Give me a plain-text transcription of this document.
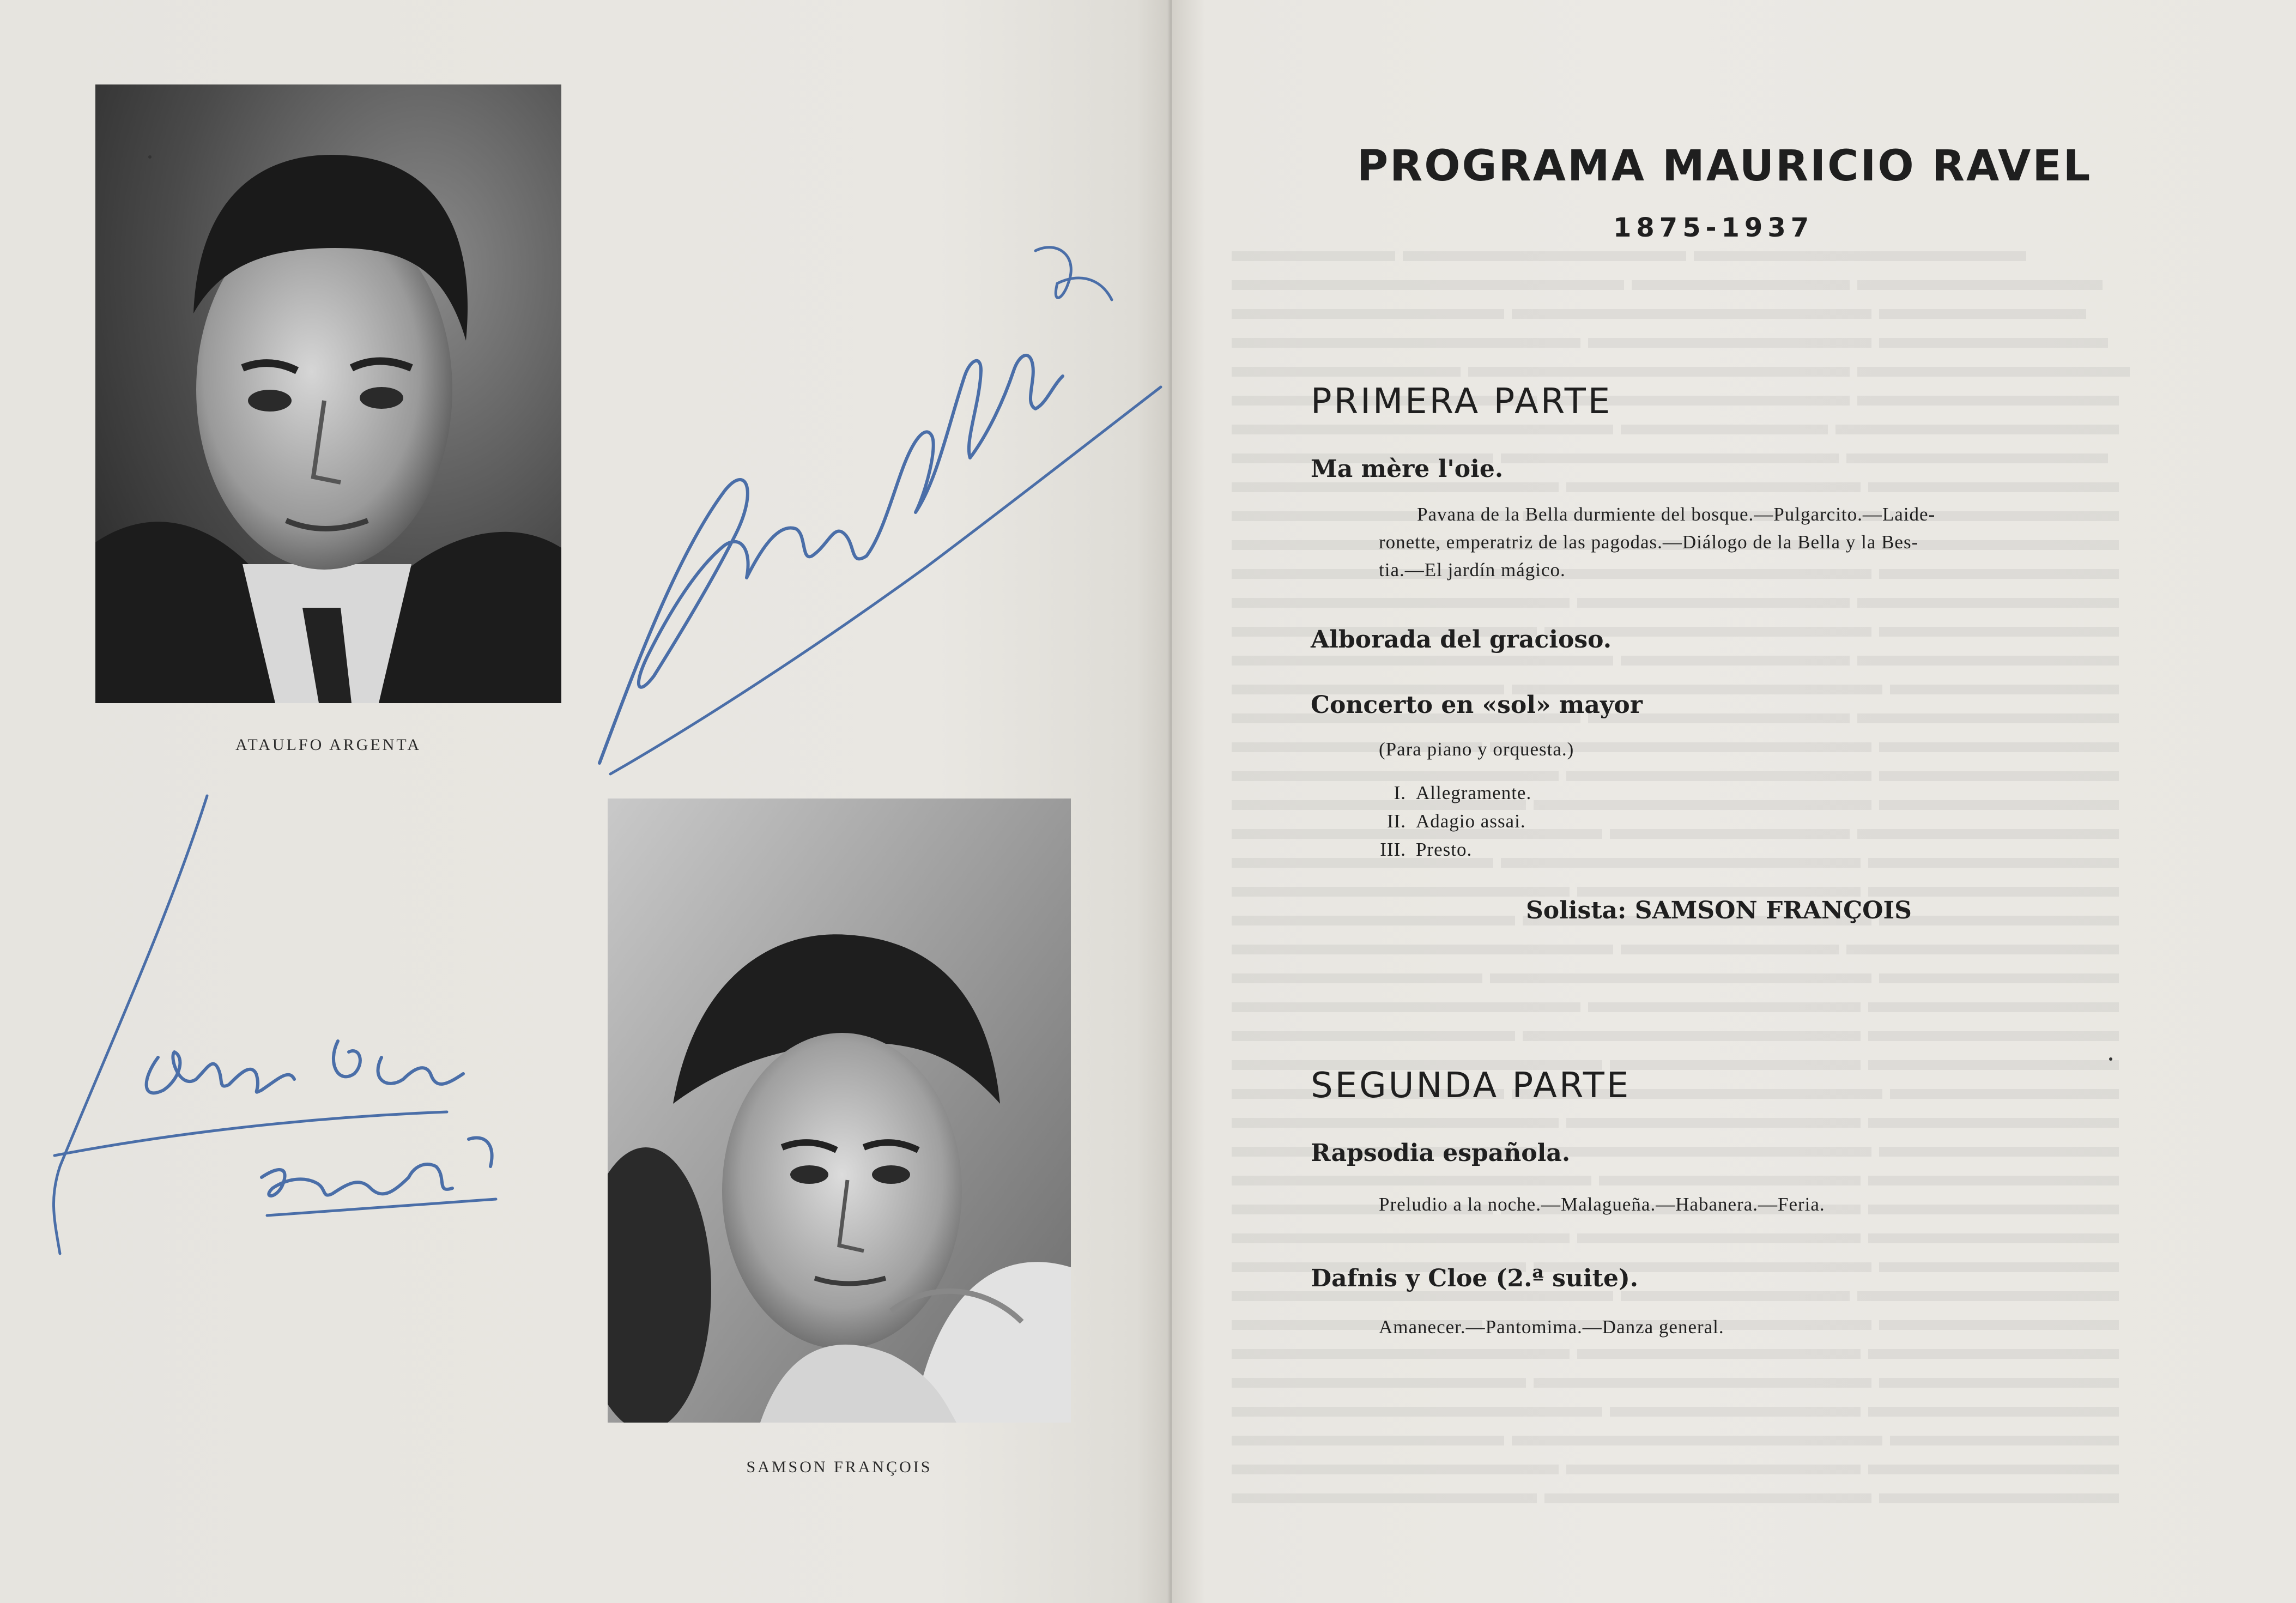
ATAULFO ARGENTA
SAMSON FRANÇOIS
PROGRAMA MAURICIO RAVEL
1875-1937
PRIMERA PARTE
Ma mère l'oie.
Pavana de la Bella durmiente del bosque.—Pulgarcito.—Laide-
ronette, emperatriz de las pagodas.—Diálogo de la Bella y la Bes-
tia.—El jardín mágico.
Alborada del gracioso.
Concerto en «sol» mayor
(Para piano y orquesta.)
I. Allegramente.
II. Adagio assai.
III. Presto.
Solista: SAMSON FRANÇOIS
SEGUNDA PARTE
Rapsodia española.
Preludio a la noche.—Malagueña.—Habanera.—Feria.
Dafnis y Cloe (2.ª suite).
Amanecer.—Pantomima.—Danza general.
